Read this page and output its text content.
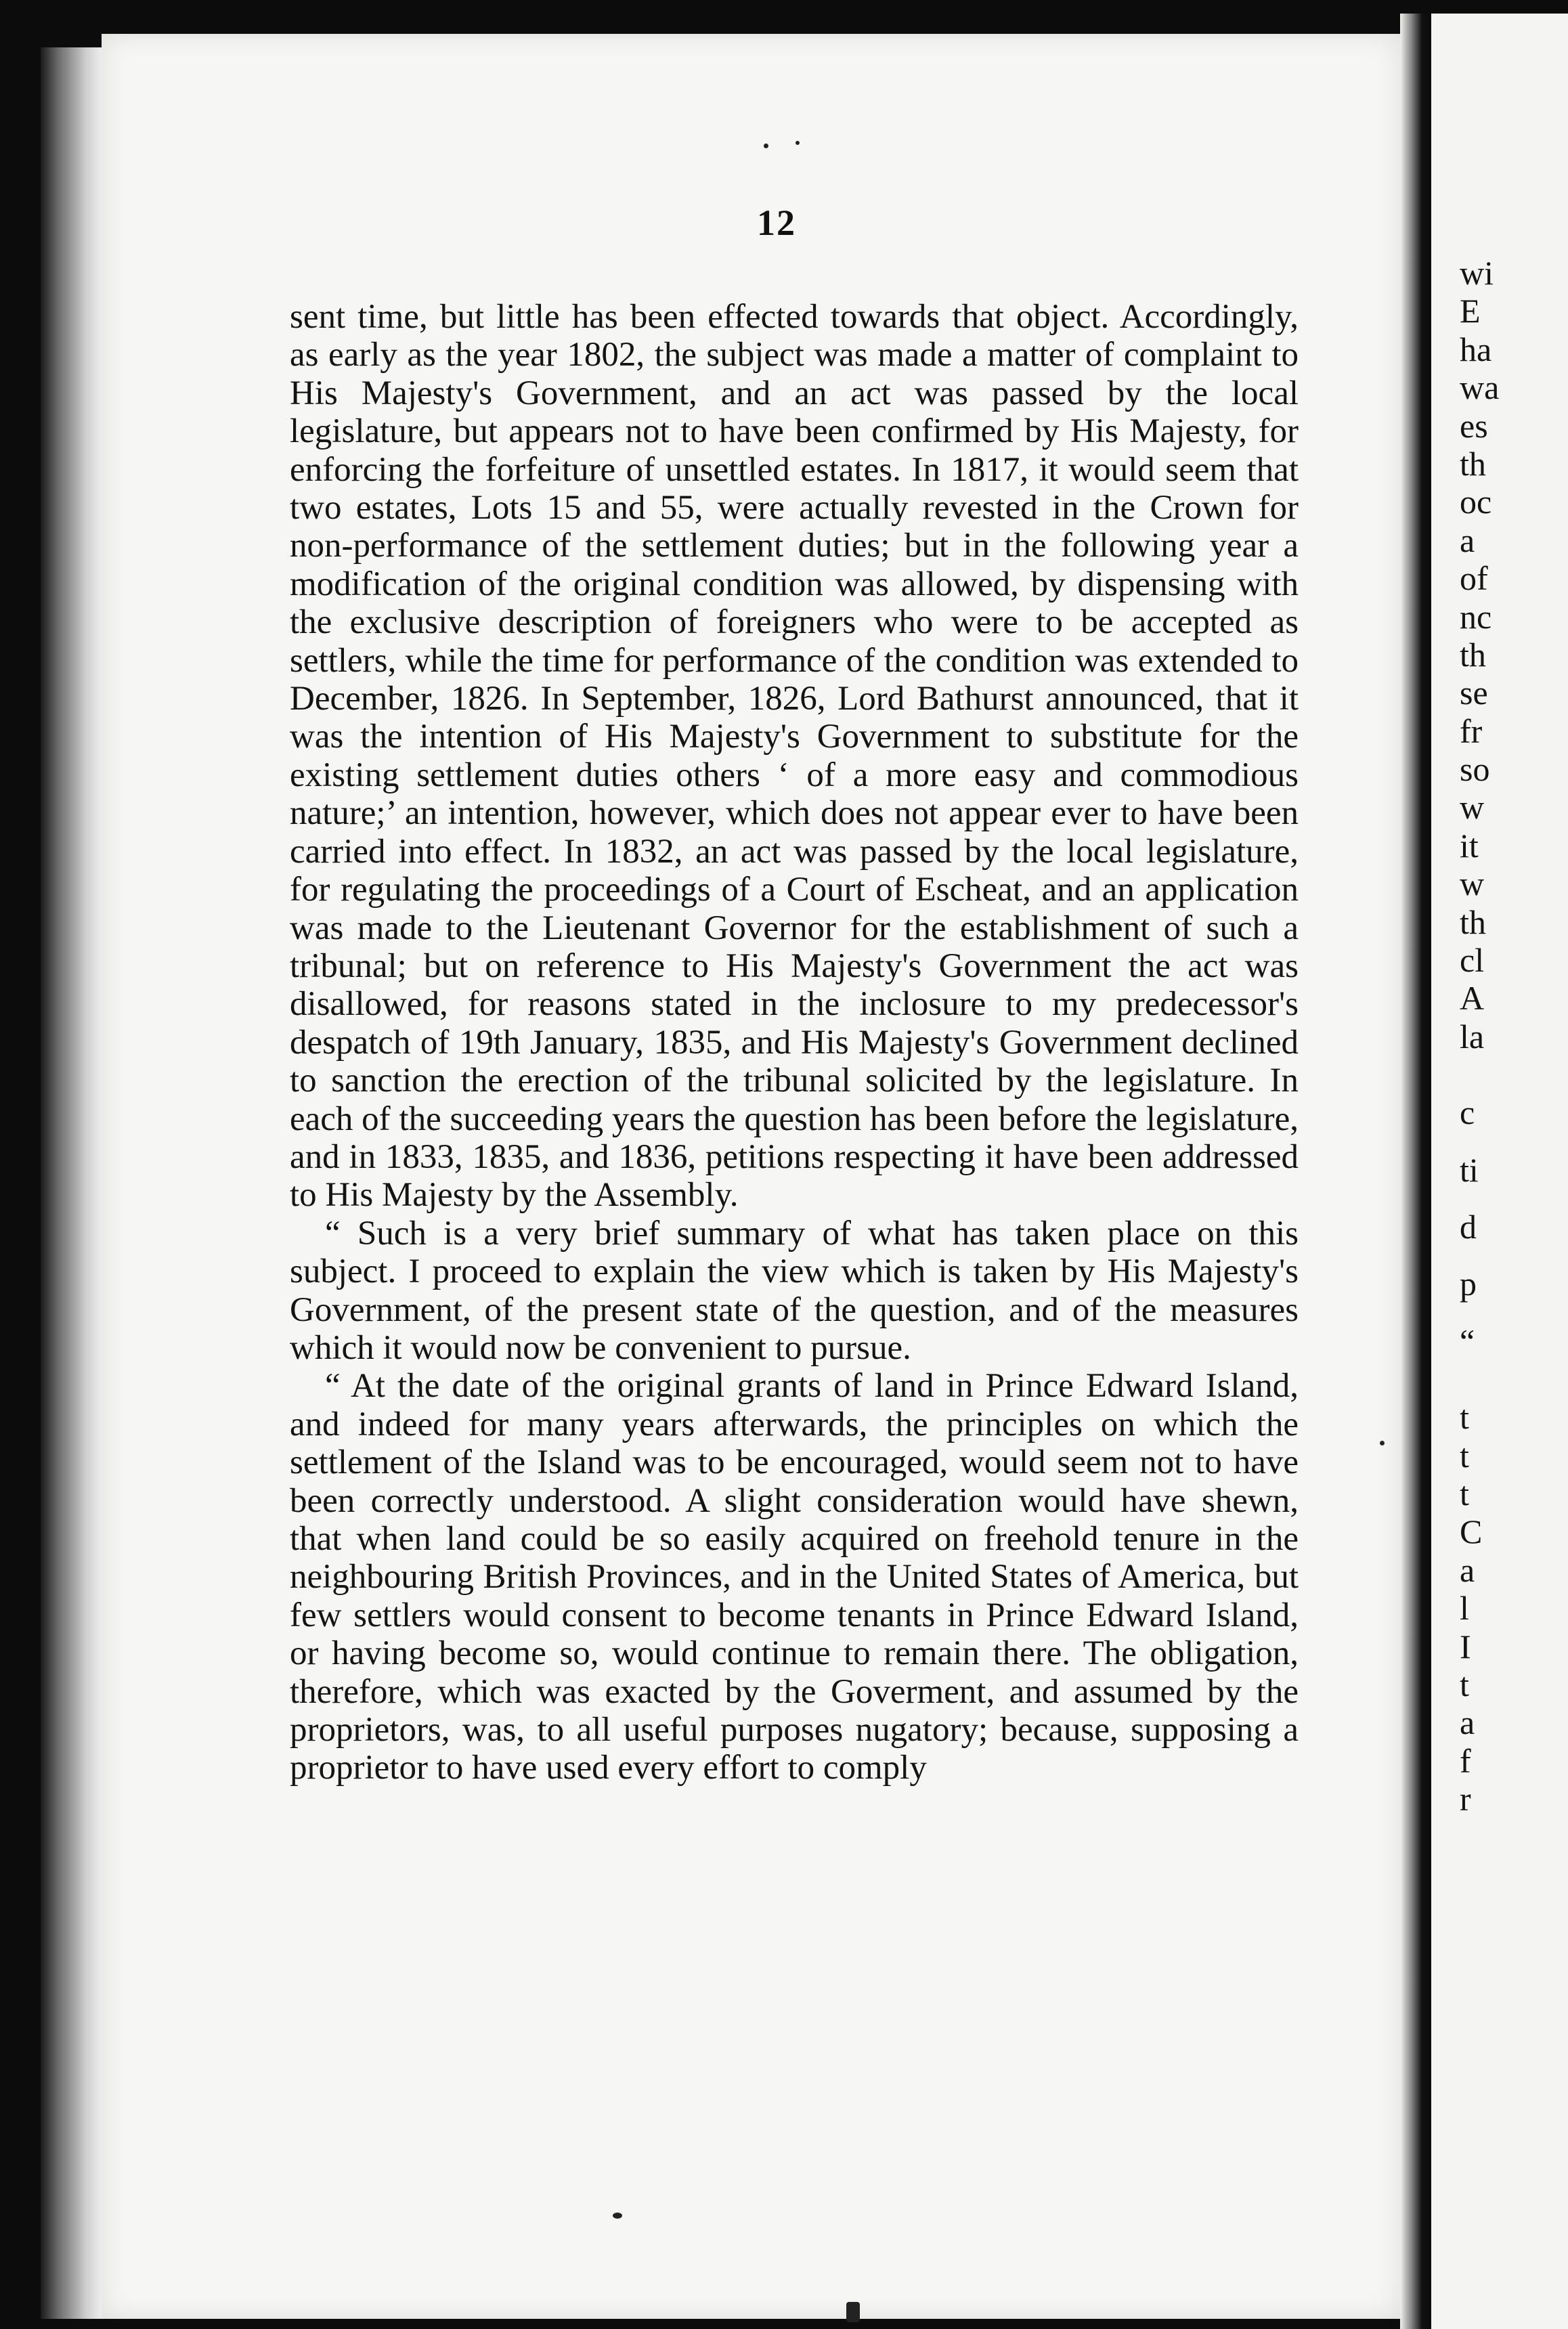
12

sent time, but little has been effected towards that object. Accordingly, as early as the year 1802, the subject was made a matter of complaint to His Majesty's Government, and an act was passed by the local legislature, but appears not to have been confirmed by His Majesty, for enforcing the forfeiture of unsettled estates. In 1817, it would seem that two estates, Lots 15 and 55, were actually revested in the Crown for non-performance of the settlement duties; but in the following year a modification of the original condition was allowed, by dispensing with the exclusive description of foreigners who were to be accepted as settlers, while the time for performance of the condition was extended to December, 1826. In September, 1826, Lord Bathurst announced, that it was the intention of His Majesty's Government to substitute for the existing settlement duties others ‘ of a more easy and commodious nature;’ an intention, however, which does not appear ever to have been carried into effect. In 1832, an act was passed by the local legislature, for regulating the proceedings of a Court of Escheat, and an application was made to the Lieutenant Governor for the establishment of such a tribunal; but on reference to His Majesty's Government the act was disallowed, for reasons stated in the inclosure to my predecessor's despatch of 19th January, 1835, and His Majesty's Government declined to sanction the erection of the tribunal solicited by the legislature. In each of the succeeding years the question has been before the legislature, and in 1833, 1835, and 1836, petitions respecting it have been addressed to His Majesty by the Assembly.

“ Such is a very brief summary of what has taken place on this subject. I proceed to explain the view which is taken by His Majesty's Government, of the present state of the question, and of the measures which it would now be convenient to pursue.

“ At the date of the original grants of land in Prince Edward Island, and indeed for many years afterwards, the principles on which the settlement of the Island was to be encouraged, would seem not to have been correctly understood. A slight consideration would have shewn, that when land could be so easily acquired on freehold tenure in the neighbouring British Provinces, and in the United States of America, but few settlers would consent to become tenants in Prince Edward Island, or having become so, would continue to remain there. The obligation, therefore, which was exacted by the Goverment, and assumed by the proprietors, was, to all useful purposes nugatory; because, supposing a proprietor to have used every effort to comply

wi
E
ha
wa
es
th
oc
a
of
nc
th
se
fr
so
w
it
w
th
cl
A
la

c

ti

d

p

“

t
t
t
C
a
l
I
t
a
f
r
